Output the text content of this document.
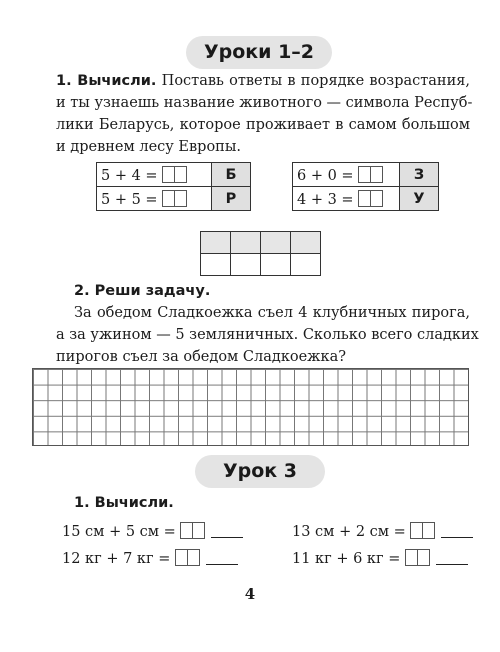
Уроки 1–2
1. Вычисли. Поставь ответы в порядке возрастания,
и ты узнаешь название животного — символа Респуб-
лики Беларусь, которое проживает в самом большом
и древнем лесу Европы.
5 + 4 =	Б
5 + 5 =	Р
6 + 0 =	З
4 + 3 =	У

2. Реши задачу.
За обедом Сладкоежка съел 4 клубничных пирога,
а за ужином — 5 земляничных. Сколько всего сладких
пирогов съел за обедом Сладкоежка?
Урок 3
1. Вычисли.
15 см + 5 см =	13 см + 2 см =
12 кг + 7 кг =	11 кг + 6 кг =
4
